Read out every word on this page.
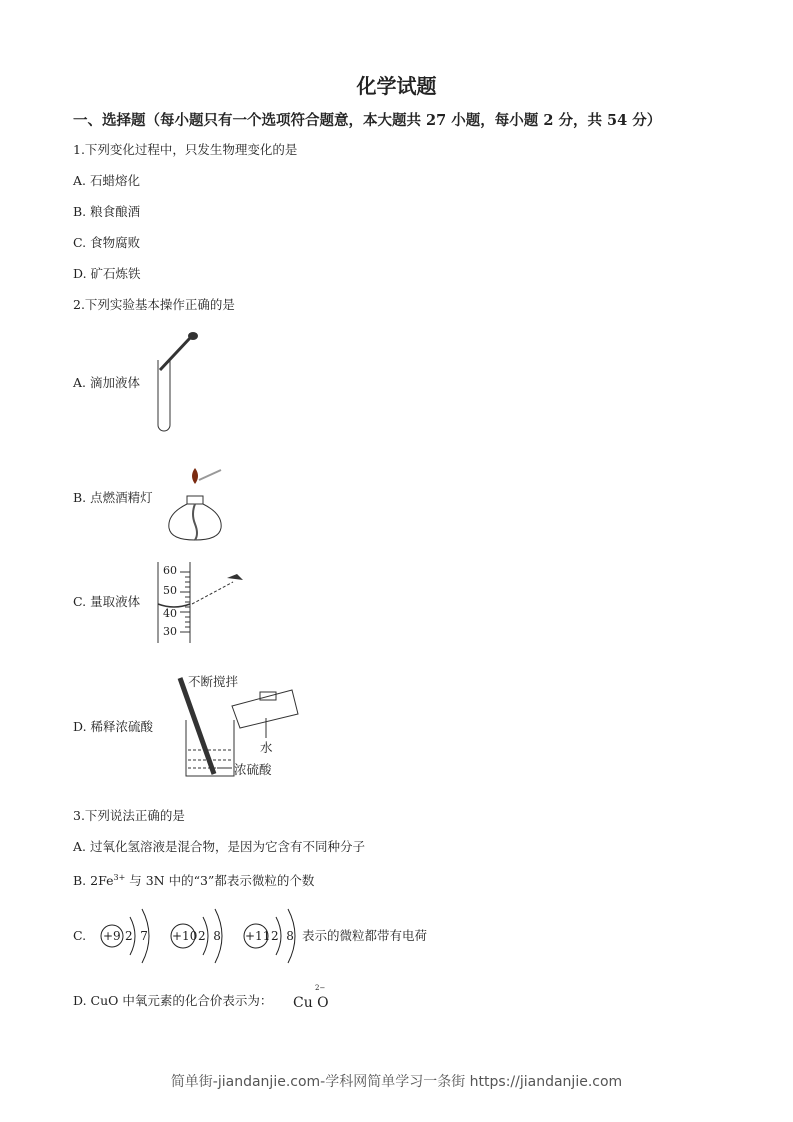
化学试题
一、选择题（每小题只有一个选项符合题意，本大题共 27 小题，每小题 2 分，共 54 分）
1.下列变化过程中，只发生物理变化的是
A. 石蜡熔化
B. 粮食酿酒
C. 食物腐败
D. 矿石炼铁
2.下列实验基本操作正确的是
A. 滴加液体
B. 点燃酒精灯
C. 量取液体
60
50
40
30
D. 稀释浓硫酸
不断搅拌
水
浓硫酸
3.下列说法正确的是
A. 过氧化氢溶液是混合物，是因为它含有不同种分子
B. $2Fe^{3+}$ 与 3N 中的“3”都表示微粒的个数
C. +9 2  7 +10 2  8 +11 2  8 表示的微粒都带有电荷
D. CuO 中氧元素的化合价表示为：
2−
Cu O
简单街-jiandanjie.com-学科网简单学习一条街 https://jiandanjie.com
